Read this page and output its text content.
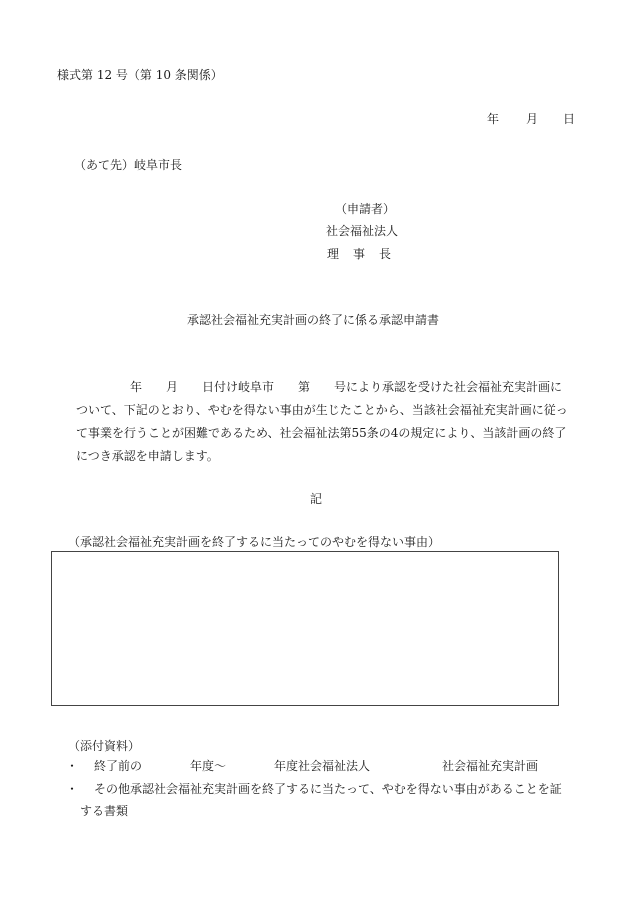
様式第 12 号（第 10 条関係）
年 月 日
（あて先）岐阜市長
（申請者）
社会福祉法人
理　事　長
承認社会福祉充実計画の終了に係る承認申請書
年　　月　　日付け岐阜市　　第　　号により承認を受けた社会福祉充実計画に
ついて、下記のとおり、やむを得ない事由が生じたことから、当該社会福祉充実計画に従っ
て事業を行うことが困難であるため、社会福祉法第55条の4の規定により、当該計画の終了
につき承認を申請します。
記
（承認社会福祉充実計画を終了するに当たってのやむを得ない事由）
（添付資料）
・ 終了前の　　　　年度〜　　　　年度社会福祉法人　　　　　　社会福祉充実計画
・ その他承認社会福祉充実計画を終了するに当たって、やむを得ない事由があることを証
する書類
